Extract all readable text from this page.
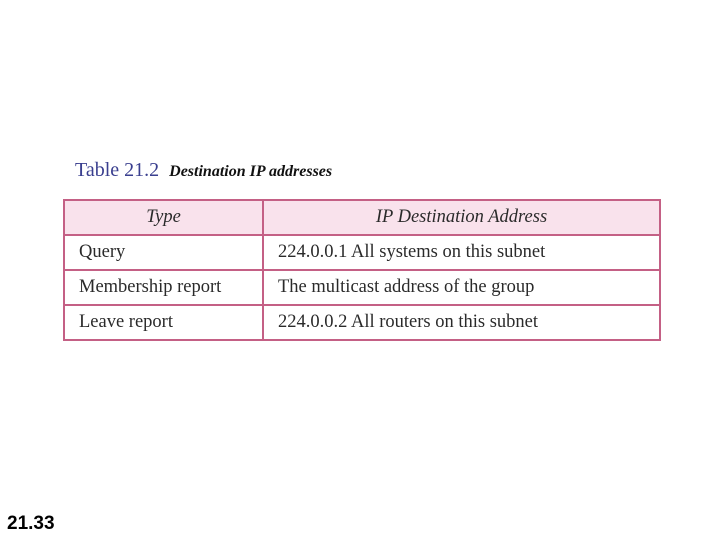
Table 21.2 Destination IP addresses
Type	IP Destination Address
Query	224.0.0.1 All systems on this subnet
Membership report	The multicast address of the group
Leave report	224.0.0.2 All routers on this subnet
21.33
